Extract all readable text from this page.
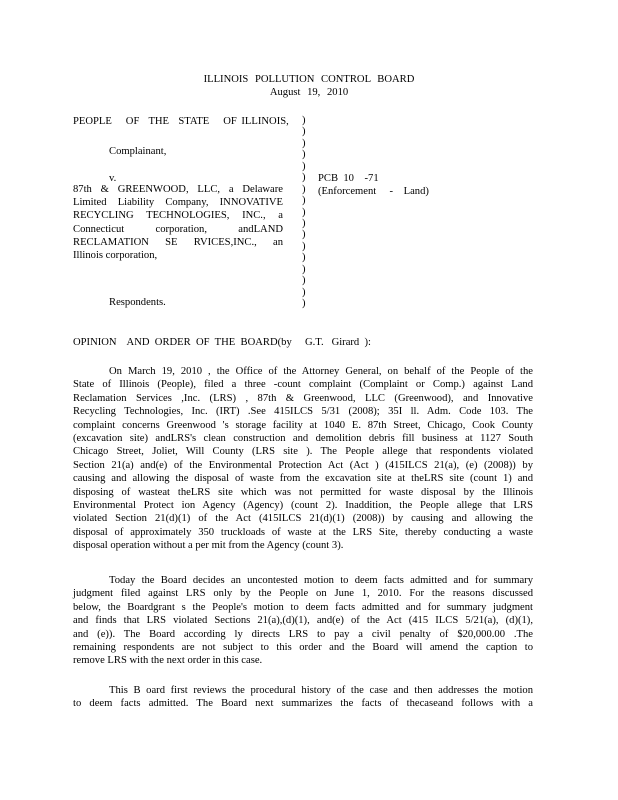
ILLINOIS POLLUTION CONTROL BOARD
August 19, 2010
PEOPLE   OF  THE  STATE   OF ILLINOIS,
Complainant,
v.
87th & GREENWOOD, LLC, a Delaware
Limited Liability Company, INNOVATIVE
RECYCLING TECHNOLOGIES, INC., a
Connecticut corporation, andLAND
RECLAMATION SE RVICES,INC., an
Illinois corporation,
Respondents.
)
)
)
)
)
)
)
)
)
)
)
)
)
)
)
)
)
PCB  10    -71
(Enforcement     -    Land)
OPINION    AND  ORDER  OF  THE  BOARD(by     G.T.   Girard  ):
On March 19, 2010 , the Office of the Attorney General, on behalf of the People of the
State of Illinois (People), filed a three -count complaint (Complaint or Comp.) against Land
Reclamation Services ,Inc. (LRS) , 87th & Greenwood, LLC (Greenwood), and Innovative
Recycling Technologies, Inc. (IRT) .See 415ILCS 5/31 (2008); 35I ll. Adm. Code 103. The
complaint concerns Greenwood 's storage facility at 1040 E. 87th Street, Chicago, Cook County
(excavation site) andLRS's clean construction and demolition debris fill business at 1127 South
Chicago Street, Joliet, Will County (LRS site ). The People allege that respondents violated
Section 21(a) and(e) of the Environmental Protection Act (Act ) (415ILCS 21(a), (e) (2008)) by
causing and allowing the disposal of waste from the excavation site at theLRS site (count 1) and
disposing of wasteat theLRS site which was not permitted for waste disposal by the Illinois
Environmental Protect ion Agency (Agency) (count 2). Inaddition, the People allege that LRS
violated Section 21(d)(1) of the Act (415ILCS 21(d)(1) (2008)) by causing and allowing the
disposal of approximately 350 truckloads of waste at the LRS Site, thereby conducting a waste
disposal operation without a per mit from the Agency (count 3).
Today the Board decides an uncontested motion to deem facts admitted and for summary
judgment filed against LRS only by the People on June 1, 2010. For the reasons discussed
below, the Boardgrant s the People's motion to deem facts admitted and for summary judgment
and finds that LRS violated Sections 21(a),(d)(1), and(e) of the Act (415 ILCS 5/21(a), (d)(1),
and (e)). The Board according ly directs LRS to pay a civil penalty of $20,000.00 .The
remaining respondents are not subject to this order and the Board will amend the caption to
remove LRS with the next order in this case.
This B oard first reviews the procedural history of the case and then addresses the motion
to deem facts admitted. The Board next summarizes the facts of thecaseand follows with a
